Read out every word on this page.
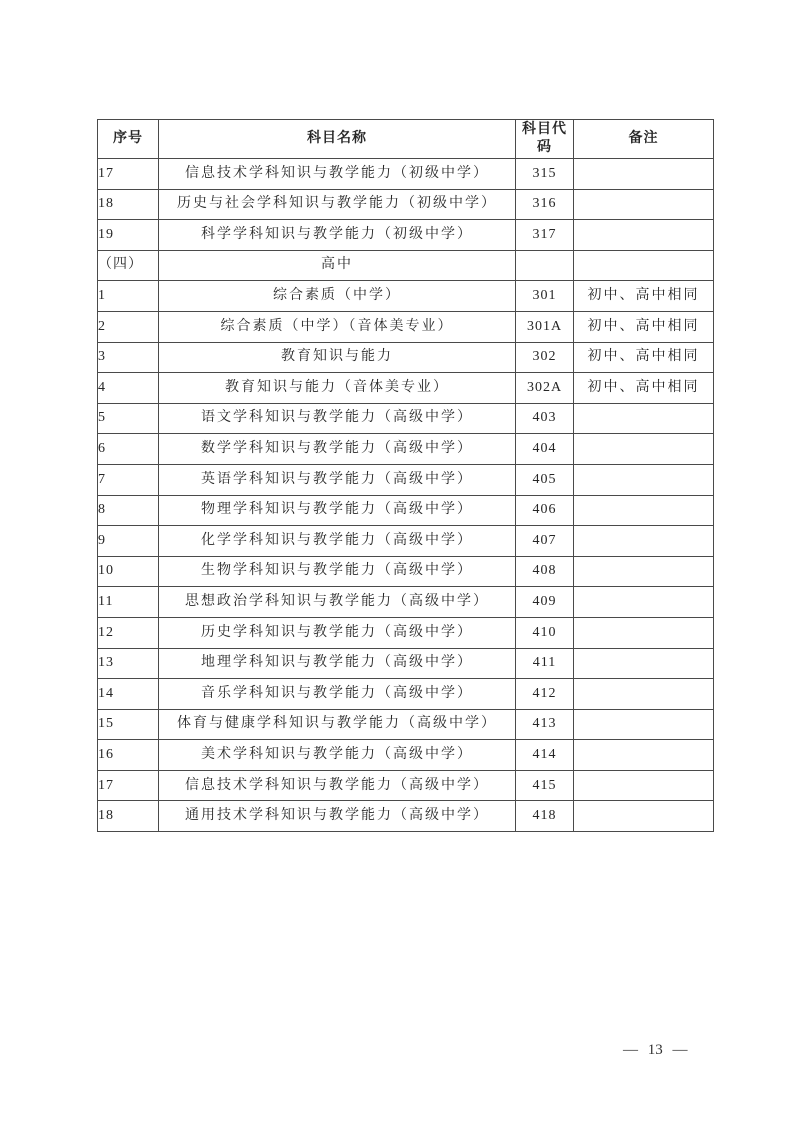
序号	科目名称	科目代码	备注
17	信息技术学科知识与教学能力（初级中学）	315	
18	历史与社会学科知识与教学能力（初级中学）	316	
19	科学学科知识与教学能力（初级中学）	317	
（四）	高中		
1	综合素质（中学）	301	初中、高中相同
2	综合素质（中学）（音体美专业）	301A	初中、高中相同
3	教育知识与能力	302	初中、高中相同
4	教育知识与能力（音体美专业）	302A	初中、高中相同
5	语文学科知识与教学能力（高级中学）	403	
6	数学学科知识与教学能力（高级中学）	404	
7	英语学科知识与教学能力（高级中学）	405	
8	物理学科知识与教学能力（高级中学）	406	
9	化学学科知识与教学能力（高级中学）	407	
10	生物学科知识与教学能力（高级中学）	408	
11	思想政治学科知识与教学能力（高级中学）	409	
12	历史学科知识与教学能力（高级中学）	410	
13	地理学科知识与教学能力（高级中学）	411	
14	音乐学科知识与教学能力（高级中学）	412	
15	体育与健康学科知识与教学能力（高级中学）	413	
16	美术学科知识与教学能力（高级中学）	414	
17	信息技术学科知识与教学能力（高级中学）	415	
18	通用技术学科知识与教学能力（高级中学）	418	
— 13 —
